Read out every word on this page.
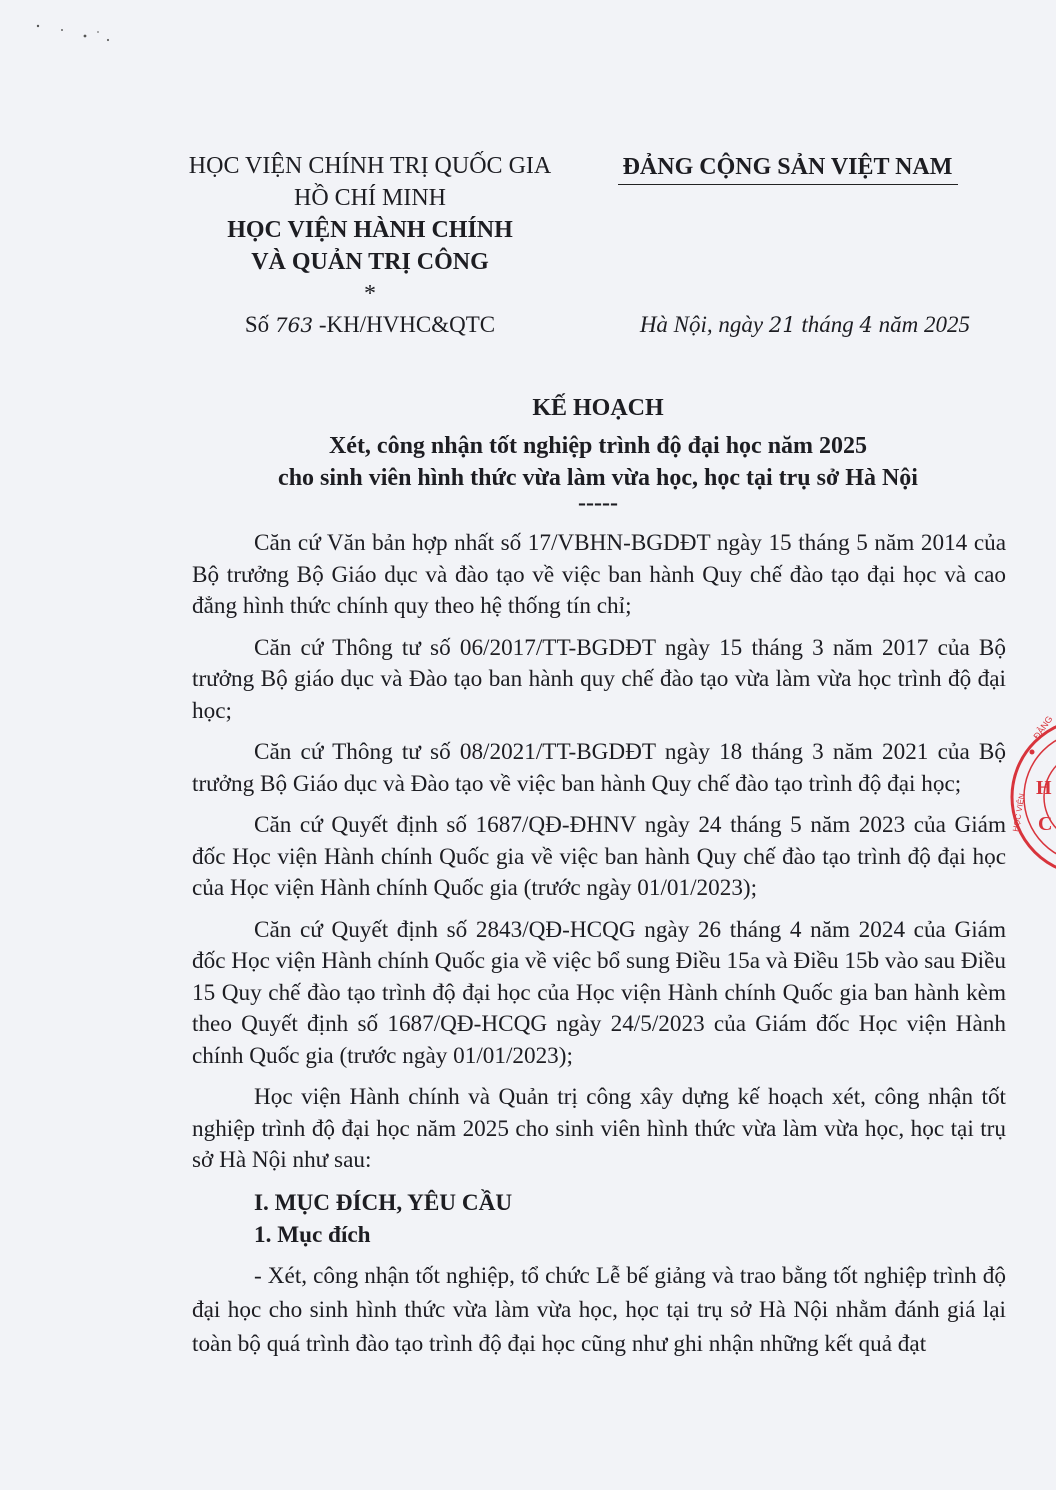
HỌC VIỆN CHÍNH TRỊ QUỐC GIA
HỒ CHÍ MINH
HỌC VIỆN HÀNH CHÍNH
VÀ QUẢN TRỊ CÔNG
*
ĐẢNG CỘNG SẢN VIỆT NAM
Số 763 -KH/HVHC&QTC	Hà Nội, ngày 21 tháng 4 năm 2025
KẾ HOẠCH
Xét, công nhận tốt nghiệp trình độ đại học năm 2025
cho sinh viên hình thức vừa làm vừa học, học tại trụ sở Hà Nội
-----

Căn cứ Văn bản hợp nhất số 17/VBHN-BGDĐT ngày 15 tháng 5 năm 2014 của Bộ trưởng Bộ Giáo dục và đào tạo về việc ban hành Quy chế đào tạo đại học và cao đẳng hình thức chính quy theo hệ thống tín chỉ;

Căn cứ Thông tư số 06/2017/TT-BGDĐT ngày 15 tháng 3 năm 2017 của Bộ trưởng Bộ giáo dục và Đào tạo ban hành quy chế đào tạo vừa làm vừa học trình độ đại học;

Căn cứ Thông tư số 08/2021/TT-BGDĐT ngày 18 tháng 3 năm 2021 của Bộ trưởng Bộ Giáo dục và Đào tạo về việc ban hành Quy chế đào tạo trình độ đại học;

Căn cứ Quyết định số 1687/QĐ-ĐHNV ngày 24 tháng 5 năm 2023 của Giám đốc Học viện Hành chính Quốc gia về việc ban hành Quy chế đào tạo trình độ đại học của Học viện Hành chính Quốc gia (trước ngày 01/01/2023);

Căn cứ Quyết định số 2843/QĐ-HCQG ngày 26 tháng 4 năm 2024 của Giám đốc Học viện Hành chính Quốc gia về việc bổ sung Điều 15a và Điều 15b vào sau Điều 15 Quy chế đào tạo trình độ đại học của Học viện Hành chính Quốc gia ban hành kèm theo Quyết định số 1687/QĐ-HCQG ngày 24/5/2023 của Giám đốc Học viện Hành chính Quốc gia (trước ngày 01/01/2023);

Học viện Hành chính và Quản trị công xây dựng kế hoạch xét, công nhận tốt nghiệp trình độ đại học năm 2025 cho sinh viên hình thức vừa làm vừa học, học tại trụ sở Hà Nội như sau:

I. MỤC ĐÍCH, YÊU CẦU
1. Mục đích

- Xét, công nhận tốt nghiệp, tổ chức Lễ bế giảng và trao bằng tốt nghiệp trình độ đại học cho sinh hình thức vừa làm vừa học, học tại trụ sở Hà Nội nhằm đánh giá lại toàn bộ quá trình đào tạo trình độ đại học cũng như ghi nhận những kết quả đạt

H
C
ĐẢNG
HỌC VIỆN
